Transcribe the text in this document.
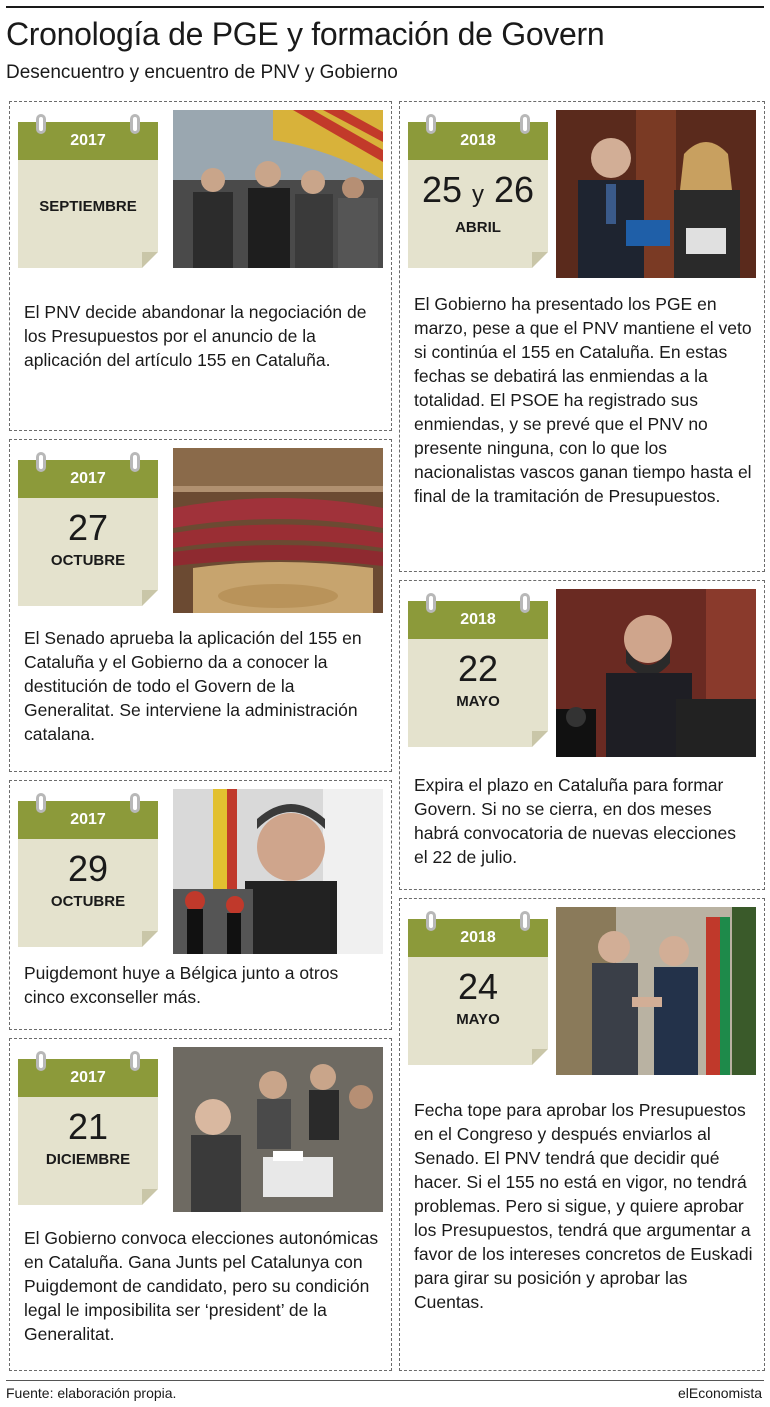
Cronología de PGE y formación de Govern
Desencuentro y encuentro de PNV y Gobierno
2017
SEPTIEMBRE
El PNV decide abandonar la negociación de los Presupuestos por el anuncio de la aplicación del artículo 155 en Cataluña.
2017
27
OCTUBRE
El Senado aprueba la aplicación del 155 en Cataluña y el Gobierno da a conocer la destitución de todo el Govern de la Generalitat. Se interviene la administración catalana.
2017
29
OCTUBRE
Puigdemont huye a Bélgica junto a otros cinco exconseller más.
2017
21
DICIEMBRE
El Gobierno convoca elecciones autonómicas en Cataluña. Gana Junts pel Catalunya con Puigdemont de candidato, pero su condición legal le imposibilita ser ‘president’ de la Generalitat.
2018
25 y 26
ABRIL
El Gobierno ha presentado los PGE en marzo, pese a que el PNV mantiene el veto si continúa el 155 en Cataluña. En estas fechas se debatirá las enmiendas a la totalidad. El PSOE ha registrado sus enmiendas, y se prevé que el PNV no presente ninguna, con lo que los nacionalistas vascos ganan tiempo hasta el final de la tramitación de Presupuestos.
2018
22
MAYO
Expira el plazo en Cataluña para formar Govern. Si no se cierra, en dos meses habrá convocatoria de nuevas elecciones el 22 de julio.
2018
24
MAYO
Fecha tope para aprobar los Presupuestos en el Congreso y después enviarlos al Senado. El PNV tendrá que decidir qué hacer. Si el 155 no está en vigor, no tendrá problemas. Pero si sigue, y quiere aprobar los Presupuestos, tendrá que argumentar a favor de los intereses concretos de Euskadi para girar su posición y aprobar las Cuentas.
Fuente: elaboración propia.	elEconomista
